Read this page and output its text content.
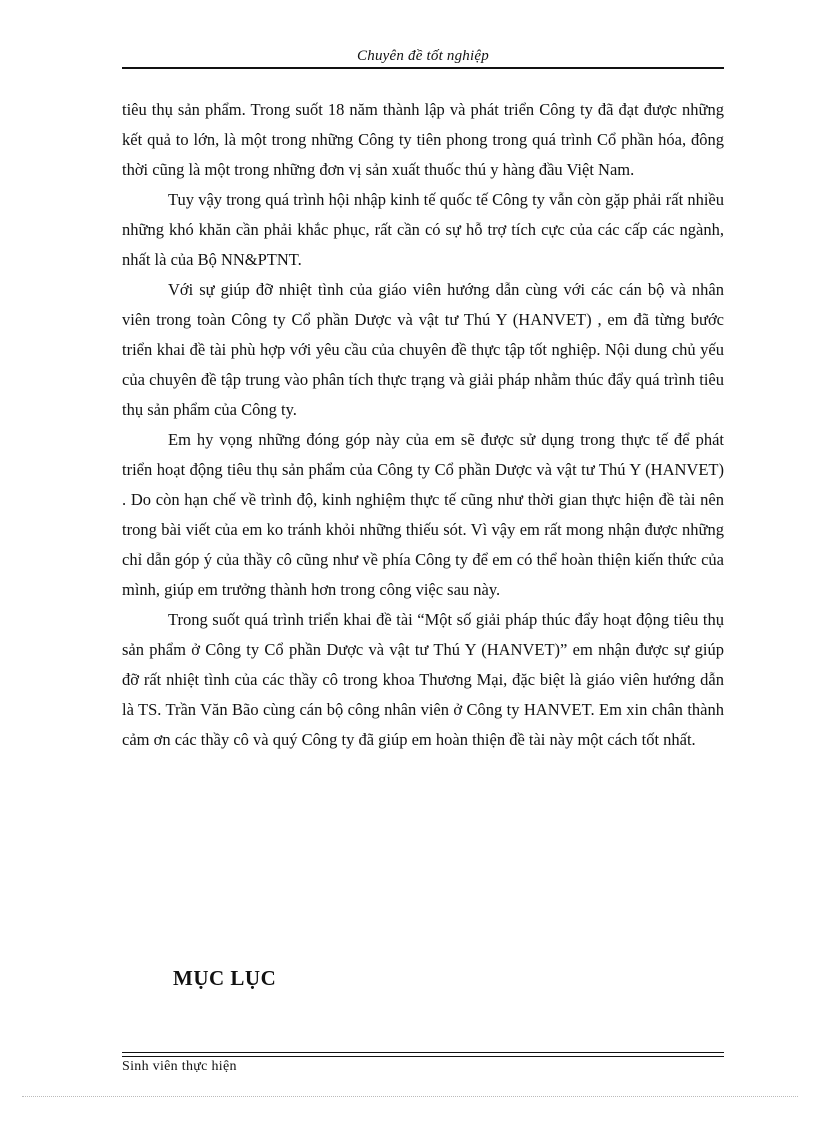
Chuyên đề tốt nghiệp

tiêu thụ sản phẩm. Trong suốt 18 năm thành lập và phát triển Công ty đã đạt được những kết quả to lớn, là một trong những Công ty tiên phong trong quá trình Cổ phần hóa, đông thời cũng là một trong những đơn vị sản xuất thuốc thú y hàng đầu Việt Nam.

Tuy vậy trong quá trình hội nhập kinh tế quốc tế Công ty vẫn còn gặp phải rất nhiều những khó khăn cần phải khắc phục, rất cần có sự hỗ trợ tích cực của các cấp các ngành, nhất là của Bộ NN&PTNT.

Với sự giúp đỡ nhiệt tình của giáo viên hướng dẫn cùng với các cán bộ và nhân viên trong toàn Công ty Cổ phần Dược và vật tư Thú Y (HANVET) , em đã từng bước triển khai đề tài phù hợp với yêu cầu của chuyên đề thực tập tốt nghiệp. Nội dung chủ yếu của chuyên đề tập trung vào phân tích thực trạng và giải pháp nhằm thúc đẩy quá trình tiêu thụ sản phẩm của Công ty.

Em hy vọng những đóng góp này của em sẽ được sử dụng trong thực tế để phát triển hoạt động tiêu thụ sản phẩm của Công ty Cổ phần Dược và vật tư Thú Y (HANVET) . Do còn hạn chế về trình độ, kinh nghiệm thực tế cũng như thời gian thực hiện đề tài nên trong bài viết của em ko tránh khỏi những thiếu sót. Vì vậy em rất mong nhận được những chỉ dẫn góp ý của thầy cô cũng như về phía Công ty để em có thể hoàn thiện kiến thức của mình, giúp em trưởng thành hơn trong công việc sau này.

Trong suốt quá trình triển khai đề tài “Một số giải pháp thúc đẩy hoạt động tiêu thụ sản phẩm ở Công ty Cổ phần Dược và vật tư Thú Y (HANVET)” em nhận được sự giúp đỡ rất nhiệt tình của các thầy cô trong khoa Thương Mại, đặc biệt là giáo viên hướng dẫn là TS. Trần Văn Bão cùng cán bộ công nhân viên ở Công ty HANVET. Em xin chân thành cảm ơn các thầy cô và quý Công ty đã giúp em hoàn thiện đề tài này một cách tốt nhất.

MỤC LỤC
Sinh viên thực hiện
